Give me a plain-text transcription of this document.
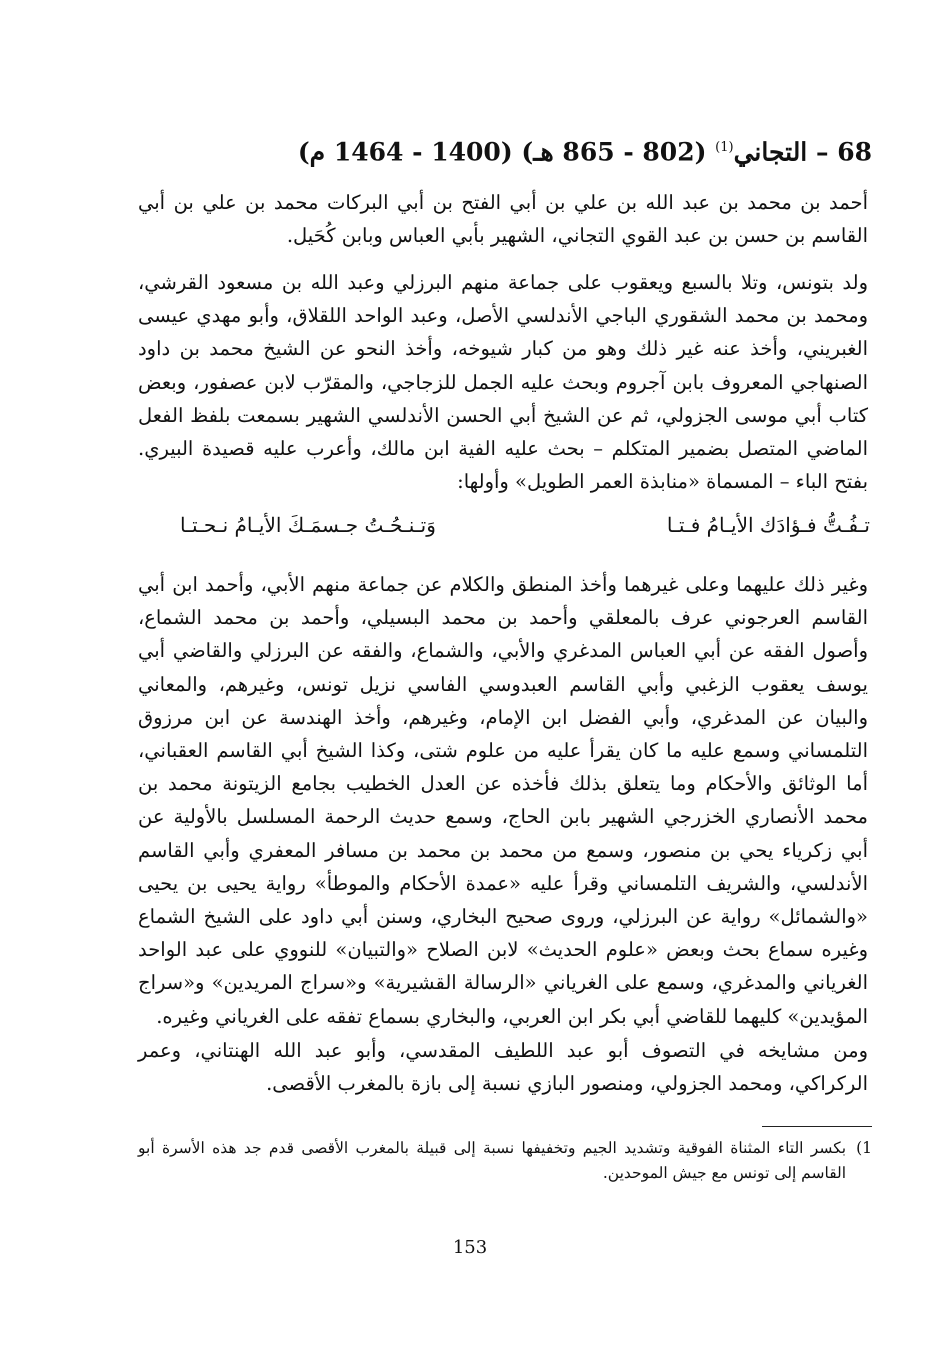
68 – التجاني$^{(1)}$ (802 - 865 هـ) (1400 - 1464 م)

أحمد بن محمد بن عبد الله بن علي بن أبي الفتح بن أبي البركات محمد بن علي بن أبي القاسم بن حسن بن عبد القوي التجاني، الشهير بأبي العباس وبابن كُحَيل.

ولد بتونس، وتلا بالسبع ويعقوب على جماعة منهم البرزلي وعبد الله بن مسعود القرشي، ومحمد بن محمد الشقوري الباجي الأندلسي الأصل، وعبد الواحد اللقلاق، وأبو مهدي عيسى الغبريني، وأخذ عنه غير ذلك وهو من كبار شيوخه، وأخذ النحو عن الشيخ محمد بن داود الصنهاجي المعروف بابن آجروم وبحث عليه الجمل للزجاجي، والمقرّب لابن عصفور، وبعض كتاب أبي موسى الجزولي، ثم عن الشيخ أبي الحسن الأندلسي الشهير بسمعت بلفظ الفعل الماضي المتصل بضمير المتكلم – بحث عليه الفية ابن مالك، وأعرب عليه قصيدة البيري. بفتح الباء – المسماة «منابذة العمر الطويل» وأولها:

تـفُـتُّ فـؤادَك الأيـامُ فـتـا
وَتـنـحُـتُ جـسمَـكَ الأيـامُ نـحـتـا

وغير ذلك عليهما وعلى غيرهما وأخذ المنطق والكلام عن جماعة منهم الأبي، وأحمد ابن أبي القاسم العرجوني عرف بالمعلقي وأحمد بن محمد البسيلي، وأحمد بن محمد الشماع، وأصول الفقه عن أبي العباس المدغري والأبي، والشماع، والفقه عن البرزلي والقاضي أبي يوسف يعقوب الزغبي وأبي القاسم العبدوسي الفاسي نزيل تونس، وغيرهم، والمعاني والبيان عن المدغري، وأبي الفضل ابن الإمام، وغيرهم، وأخذ الهندسة عن ابن مرزوق التلمساني وسمع عليه ما كان يقرأ عليه من علوم شتى، وكذا الشيخ أبي القاسم العقباني، أما الوثائق والأحكام وما يتعلق بذلك فأخذه عن العدل الخطيب بجامع الزيتونة محمد بن محمد الأنصاري الخزرجي الشهير بابن الحاج، وسمع حديث الرحمة المسلسل بالأولية عن أبي زكرياء يحي بن منصور، وسمع من محمد بن محمد بن مسافر المعفري وأبي القاسم الأندلسي، والشريف التلمساني وقرأ عليه «عمدة الأحكام والموطأ» رواية يحيى بن يحيى «والشمائل» رواية عن البرزلي، وروى صحيح البخاري، وسنن أبي داود على الشيخ الشماع وغيره سماع بحث وبعض «علوم الحديث» لابن الصلاح «والتبيان» للنووي على عبد الواحد الغرياني والمدغري، وسمع على الغرياني «الرسالة القشيرية» و«سراج المريدين» و«سراج المؤيدين» كليهما للقاضي أبي بكر ابن العربي، والبخاري بسماع تفقه على الغرياني وغيره.

ومن مشايخه في التصوف أبو عبد اللطيف المقدسي، وأبو عبد الله الهنتاني، وعمر الركراكي، ومحمد الجزولي، ومنصور البازي نسبة إلى بازة بالمغرب الأقصى.

(1
بكسر التاء المثناة الفوقية وتشديد الجيم وتخفيفها نسبة إلى قبيلة بالمغرب الأقصى قدم جد هذه الأسرة أبو القاسم إلى تونس مع جيش الموحدين.
153
